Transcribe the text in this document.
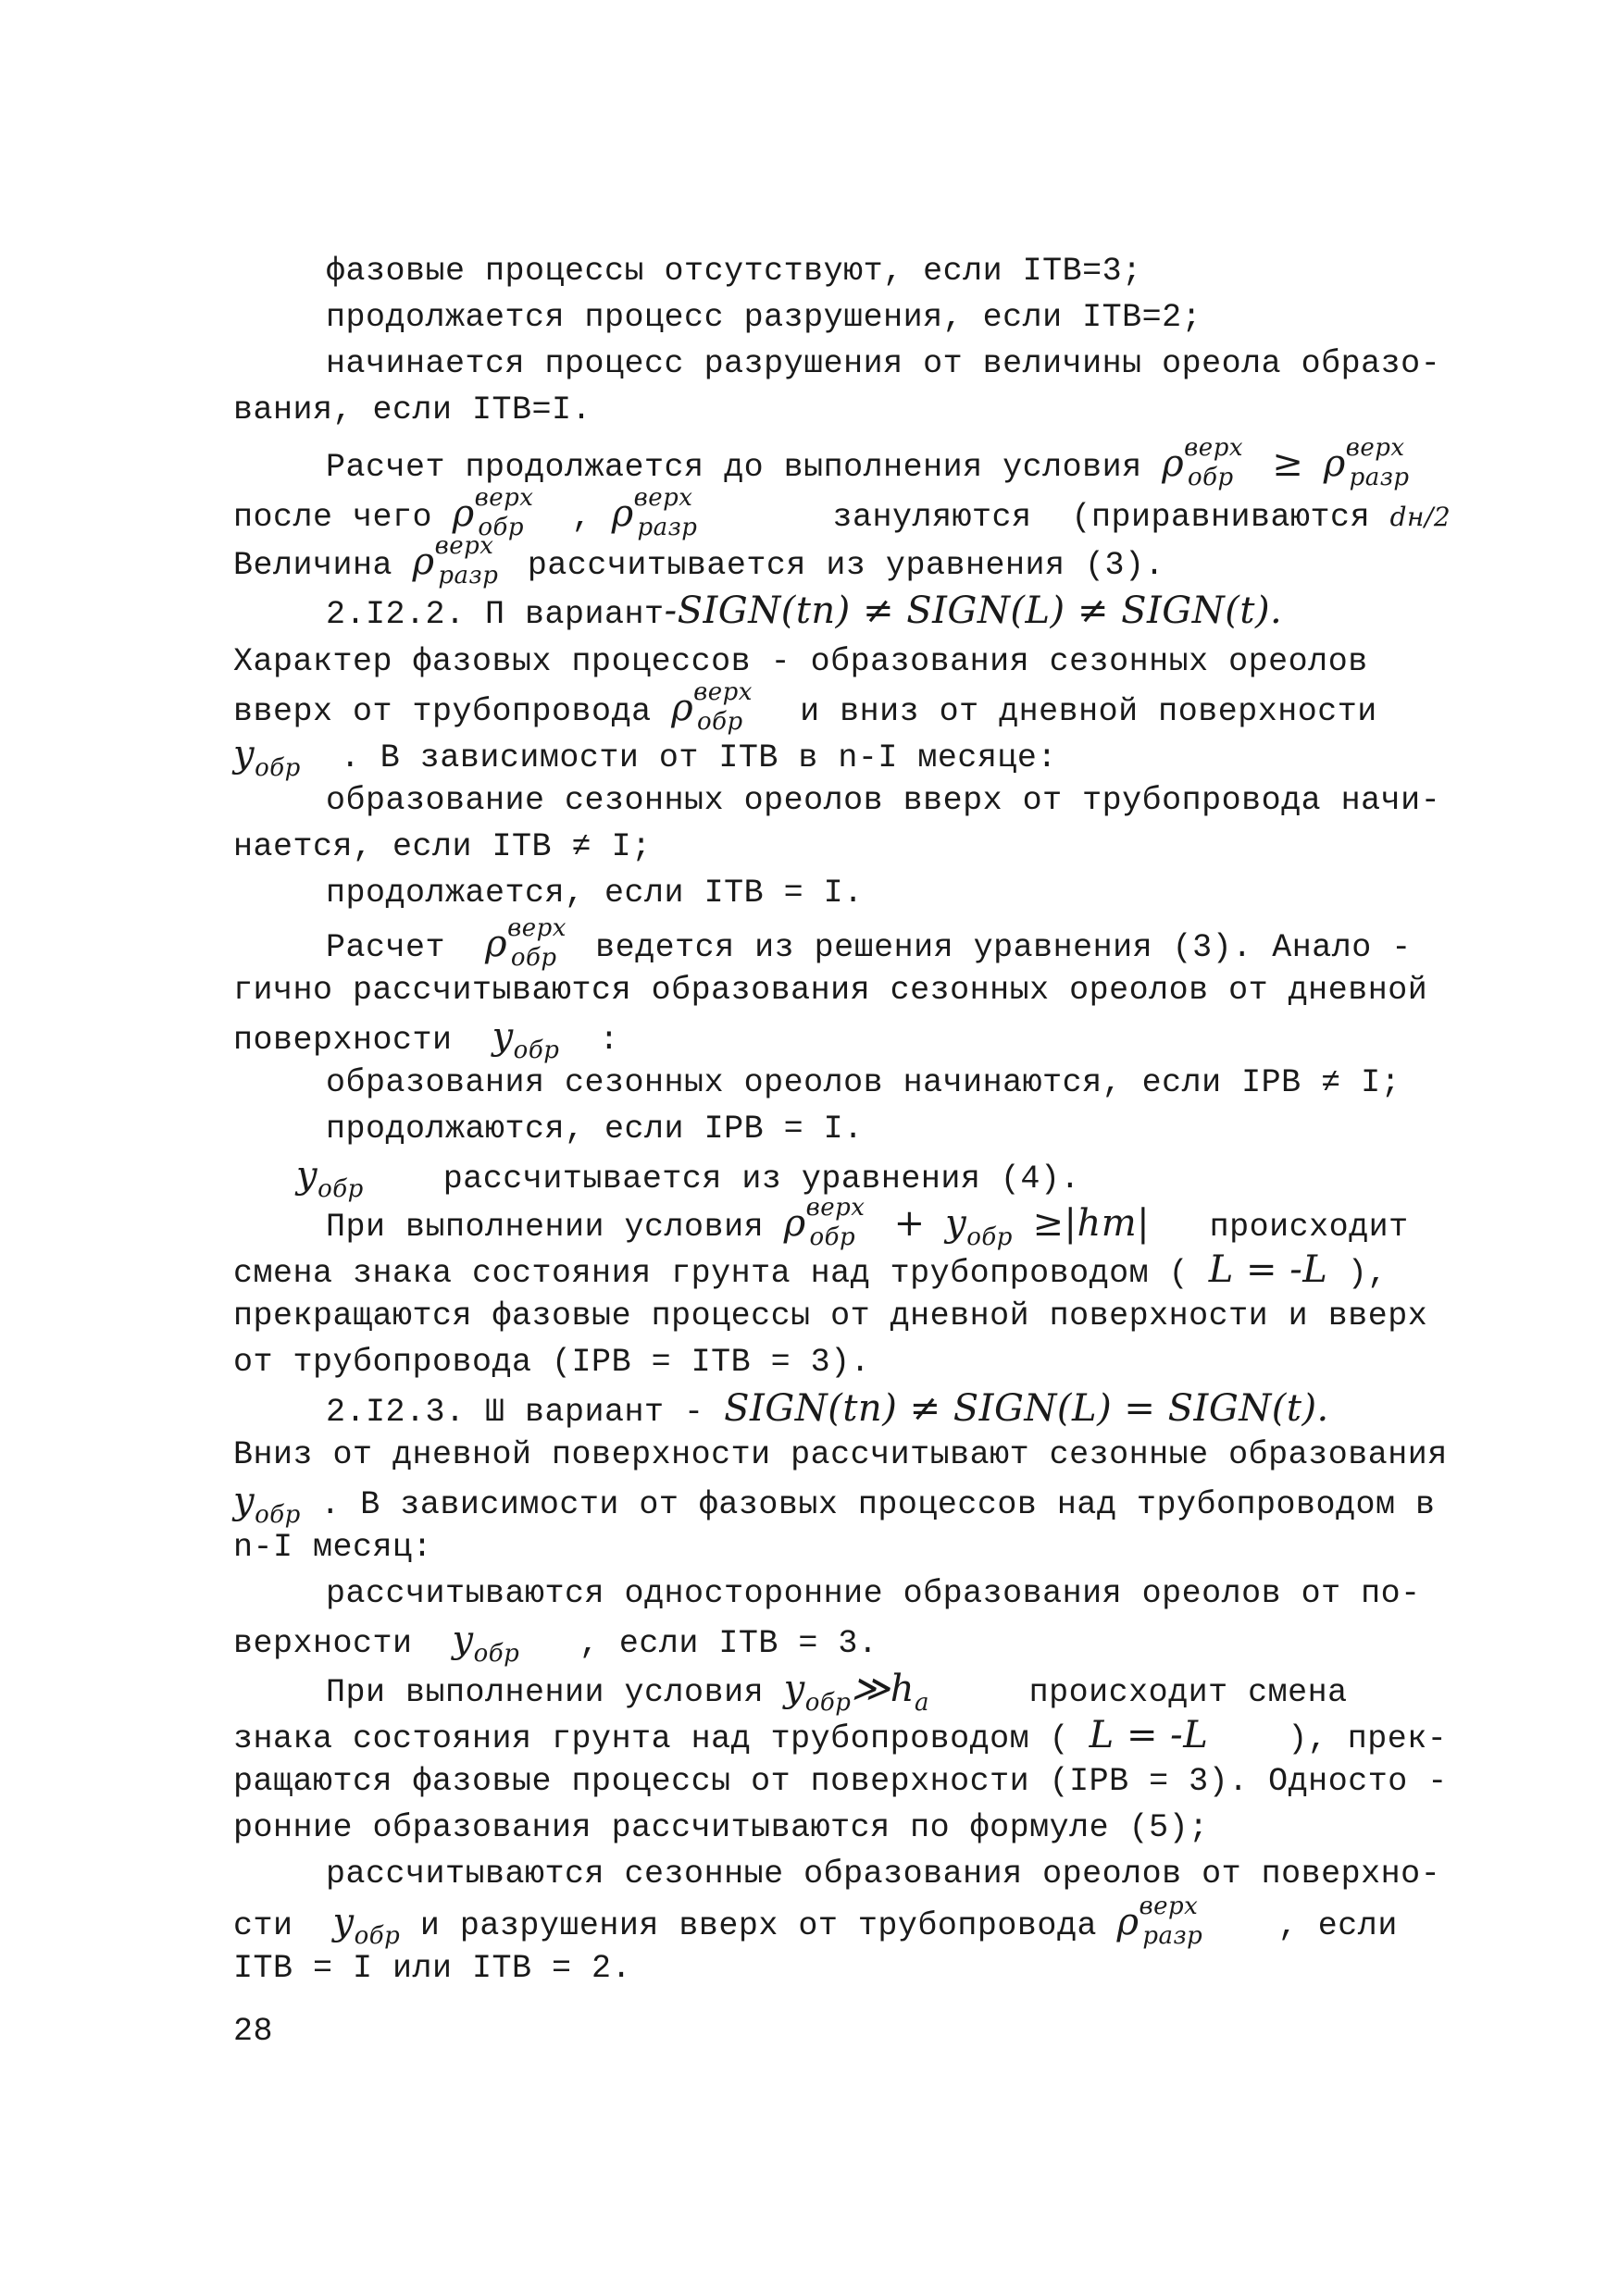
фазовые процессы отсутствуют, если ITB=3;
продолжается процесс разрушения, если ITB=2;
начинается процесс разрушения от величины ореола образо-
вания, если ITB=I.
Расчет продолжается до выполнения условия $\rho^{верх}_{обр} \ge \rho^{верх}_{разр}$
после чего $\rho^{верх}_{обр}$ , $\rho^{верх}_{разр}$	зануляются (приравниваются dн/2
Величина $\rho^{верх}_{разр}$ рассчитывается из уравнения (3).
2.I2.2. П вариант-SIGN(tп) ≠ SIGN(L) ≠ SIGN(t).
Характер фазовых процессов - образования сезонных ореолов
вверх от трубопровода $\rho^{верх}_{обр}$ и вниз от дневной поверхности
$y_{обр}$ . В зависимости от ITB в n-I месяце:
образование сезонных ореолов вверх от трубопровода начи-
нается, если ITB ≠ I;
продолжается, если ITB = I.
Расчет $\rho^{верх}_{обр}$ ведется из решения уравнения (3). Анало -
гично рассчитываются образования сезонных ореолов от дневной
поверхности $y_{обр}$ :
образования сезонных ореолов начинаются, если IPB ≠ I;
продолжаются, если IPB = I.
$y_{обр}$ рассчитывается из уравнения (4).
При выполнении условия $\rho^{верх}_{обр} + y_{обр} \ge|hт|$ происходит
смена знака состояния грунта над трубопроводом ( L = -L ),
прекращаются фазовые процессы от дневной поверхности и вверх
от трубопровода (IPB = ITB = 3).
2.I2.3. Ш вариант - SIGN(tп) ≠ SIGN(L) = SIGN(t).
Вниз от дневной поверхности рассчитывают сезонные образования
$y_{обр}$ . В зависимости от фазовых процессов над трубопроводом в
n-I месяц:
рассчитываются односторонние образования ореолов от по-
верхности $y_{обр}$ , если ITB = 3.
При выполнении условия $y_{обр}≫h_a$	происходит смена
знака состояния грунта над трубопроводом ( L = -L ), прек-
ращаются фазовые процессы от поверхности (IPB = 3). Односто -
ронние образования рассчитываются по формуле (5);
рассчитываются сезонные образования ореолов от поверхно-
сти $y_{обр}$ и разрушения вверх от трубопровода $\rho^{верх}_{разр}$ , если
ITB = I или ITB = 2.
28
